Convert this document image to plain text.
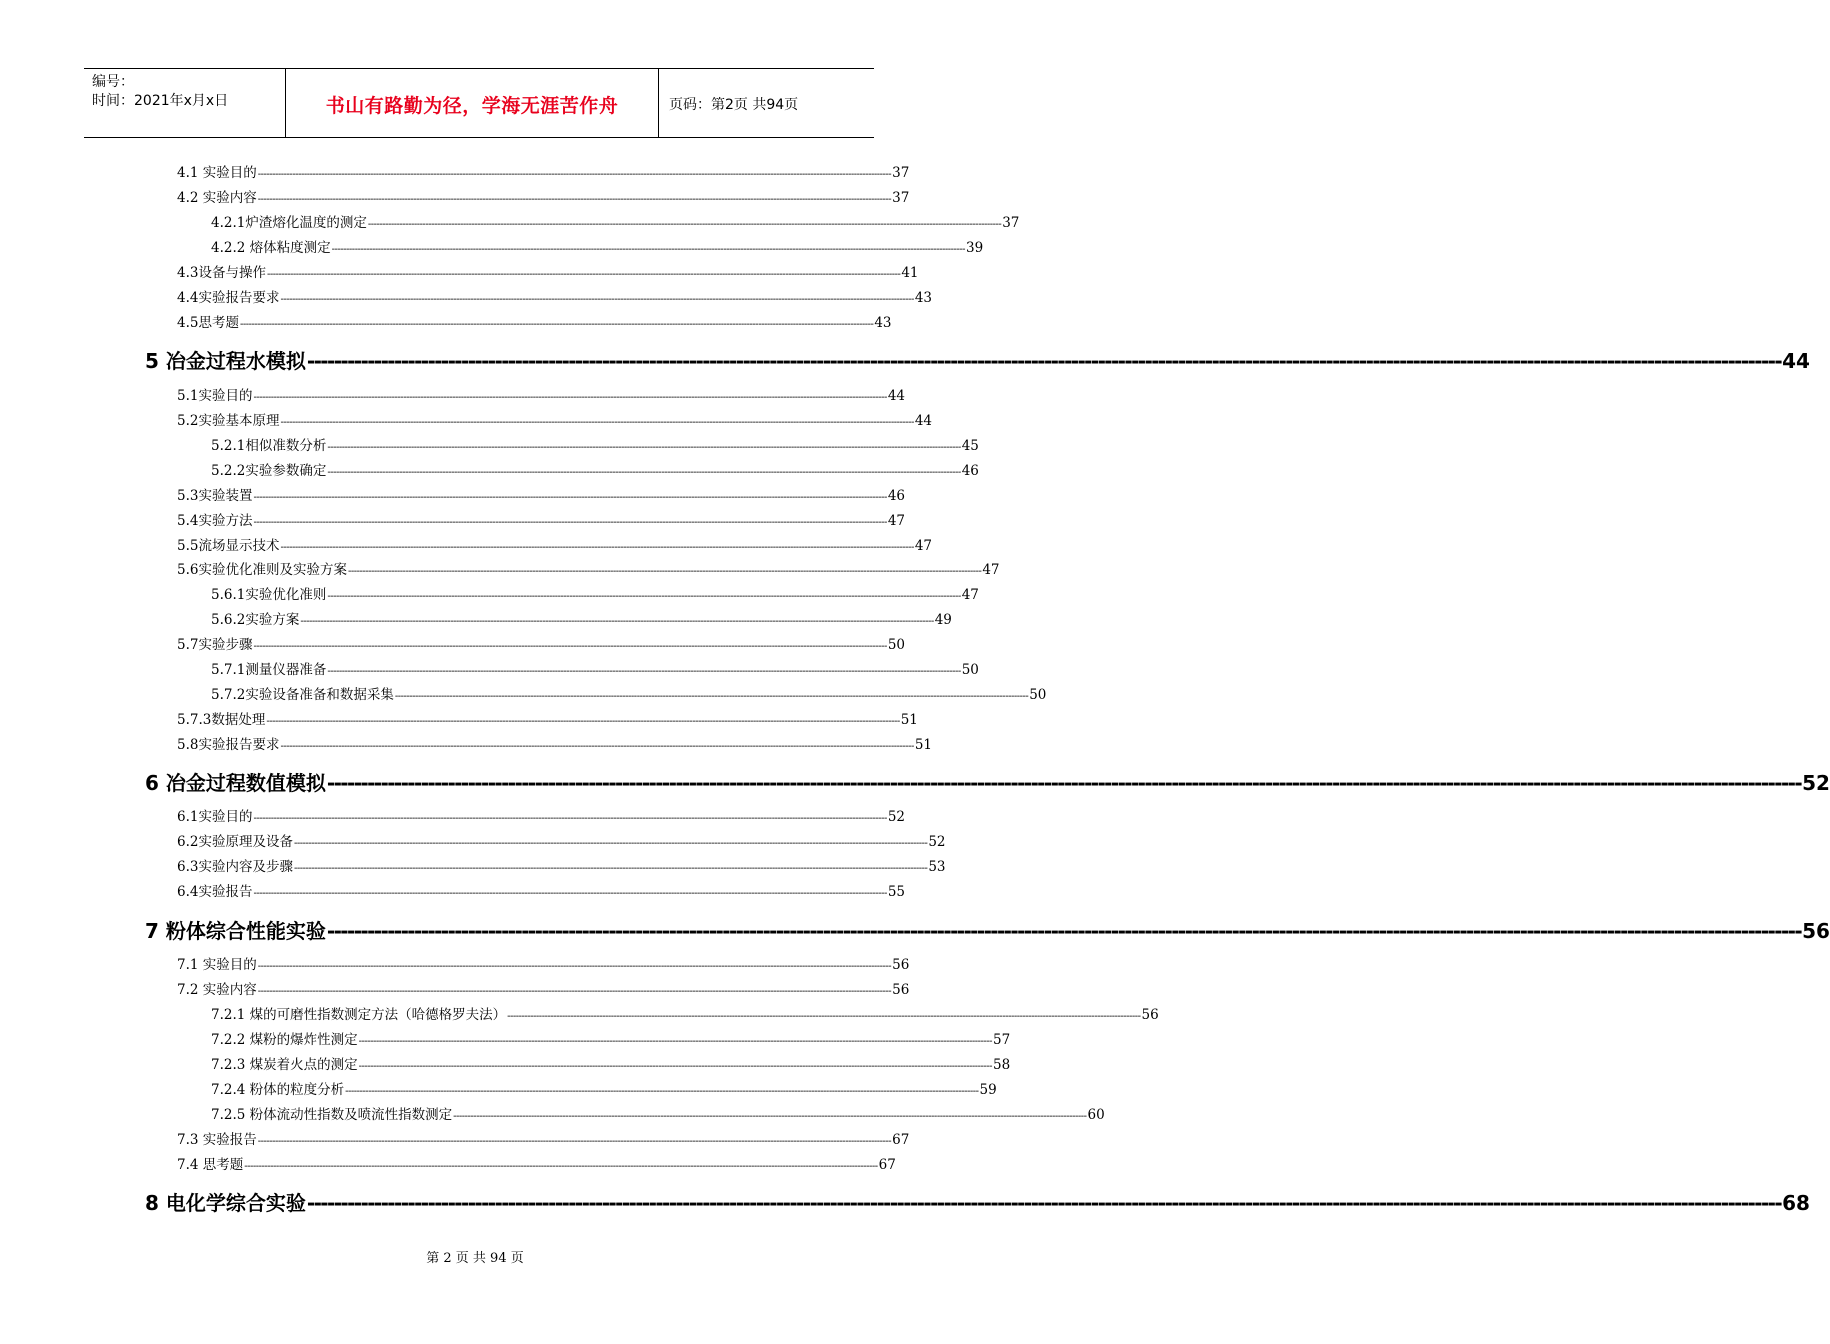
编号：
时间：2021年x月x日	书山有路勤为径，学海无涯苦作舟	页码：第2页 共94页
4.1 实验目的 ---------------------------------------------------------------------------------------------------------------------------------------------------------------------------------------------------------------------------- 37
4.2 实验内容 ---------------------------------------------------------------------------------------------------------------------------------------------------------------------------------------------------------------------------- 37
4.2.1炉渣熔化温度的测定 ---------------------------------------------------------------------------------------------------------------------------------------------------------------------------------------------------------------------------- 37
4.2.2 熔体粘度测定 ---------------------------------------------------------------------------------------------------------------------------------------------------------------------------------------------------------------------------- 39
4.3设备与操作 ---------------------------------------------------------------------------------------------------------------------------------------------------------------------------------------------------------------------------- 41
4.4实验报告要求 ---------------------------------------------------------------------------------------------------------------------------------------------------------------------------------------------------------------------------- 43
4.5思考题 ---------------------------------------------------------------------------------------------------------------------------------------------------------------------------------------------------------------------------- 43
5 冶金过程水模拟 ---------------------------------------------------------------------------------------------------------------------------------------------------------------------------------------------------------------------------- 44
5.1实验目的 ---------------------------------------------------------------------------------------------------------------------------------------------------------------------------------------------------------------------------- 44
5.2实验基本原理 ---------------------------------------------------------------------------------------------------------------------------------------------------------------------------------------------------------------------------- 44
5.2.1相似准数分析 ---------------------------------------------------------------------------------------------------------------------------------------------------------------------------------------------------------------------------- 45
5.2.2实验参数确定 ---------------------------------------------------------------------------------------------------------------------------------------------------------------------------------------------------------------------------- 46
5.3实验装置 ---------------------------------------------------------------------------------------------------------------------------------------------------------------------------------------------------------------------------- 46
5.4实验方法 ---------------------------------------------------------------------------------------------------------------------------------------------------------------------------------------------------------------------------- 47
5.5流场显示技术 ---------------------------------------------------------------------------------------------------------------------------------------------------------------------------------------------------------------------------- 47
5.6实验优化准则及实验方案 ---------------------------------------------------------------------------------------------------------------------------------------------------------------------------------------------------------------------------- 47
5.6.1实验优化准则 ---------------------------------------------------------------------------------------------------------------------------------------------------------------------------------------------------------------------------- 47
5.6.2实验方案 ---------------------------------------------------------------------------------------------------------------------------------------------------------------------------------------------------------------------------- 49
5.7实验步骤 ---------------------------------------------------------------------------------------------------------------------------------------------------------------------------------------------------------------------------- 50
5.7.1测量仪器准备 ---------------------------------------------------------------------------------------------------------------------------------------------------------------------------------------------------------------------------- 50
5.7.2实验设备准备和数据采集 ---------------------------------------------------------------------------------------------------------------------------------------------------------------------------------------------------------------------------- 50
5.7.3数据处理 ---------------------------------------------------------------------------------------------------------------------------------------------------------------------------------------------------------------------------- 51
5.8实验报告要求 ---------------------------------------------------------------------------------------------------------------------------------------------------------------------------------------------------------------------------- 51
6 冶金过程数值模拟 ---------------------------------------------------------------------------------------------------------------------------------------------------------------------------------------------------------------------------- 52
6.1实验目的 ---------------------------------------------------------------------------------------------------------------------------------------------------------------------------------------------------------------------------- 52
6.2实验原理及设备 ---------------------------------------------------------------------------------------------------------------------------------------------------------------------------------------------------------------------------- 52
6.3实验内容及步骤 ---------------------------------------------------------------------------------------------------------------------------------------------------------------------------------------------------------------------------- 53
6.4实验报告 ---------------------------------------------------------------------------------------------------------------------------------------------------------------------------------------------------------------------------- 55
7 粉体综合性能实验 ---------------------------------------------------------------------------------------------------------------------------------------------------------------------------------------------------------------------------- 56
7.1 实验目的 ---------------------------------------------------------------------------------------------------------------------------------------------------------------------------------------------------------------------------- 56
7.2 实验内容 ---------------------------------------------------------------------------------------------------------------------------------------------------------------------------------------------------------------------------- 56
7.2.1 煤的可磨性指数测定方法（哈德格罗夫法） ---------------------------------------------------------------------------------------------------------------------------------------------------------------------------------------------------------------------------- 56
7.2.2 煤粉的爆炸性测定 ---------------------------------------------------------------------------------------------------------------------------------------------------------------------------------------------------------------------------- 57
7.2.3 煤炭着火点的测定 ---------------------------------------------------------------------------------------------------------------------------------------------------------------------------------------------------------------------------- 58
7.2.4 粉体的粒度分析 ---------------------------------------------------------------------------------------------------------------------------------------------------------------------------------------------------------------------------- 59
7.2.5 粉体流动性指数及喷流性指数测定 ---------------------------------------------------------------------------------------------------------------------------------------------------------------------------------------------------------------------------- 60
7.3 实验报告 ---------------------------------------------------------------------------------------------------------------------------------------------------------------------------------------------------------------------------- 67
7.4 思考题 ---------------------------------------------------------------------------------------------------------------------------------------------------------------------------------------------------------------------------- 67
8 电化学综合实验 ---------------------------------------------------------------------------------------------------------------------------------------------------------------------------------------------------------------------------- 68
第 2 页 共 94 页
